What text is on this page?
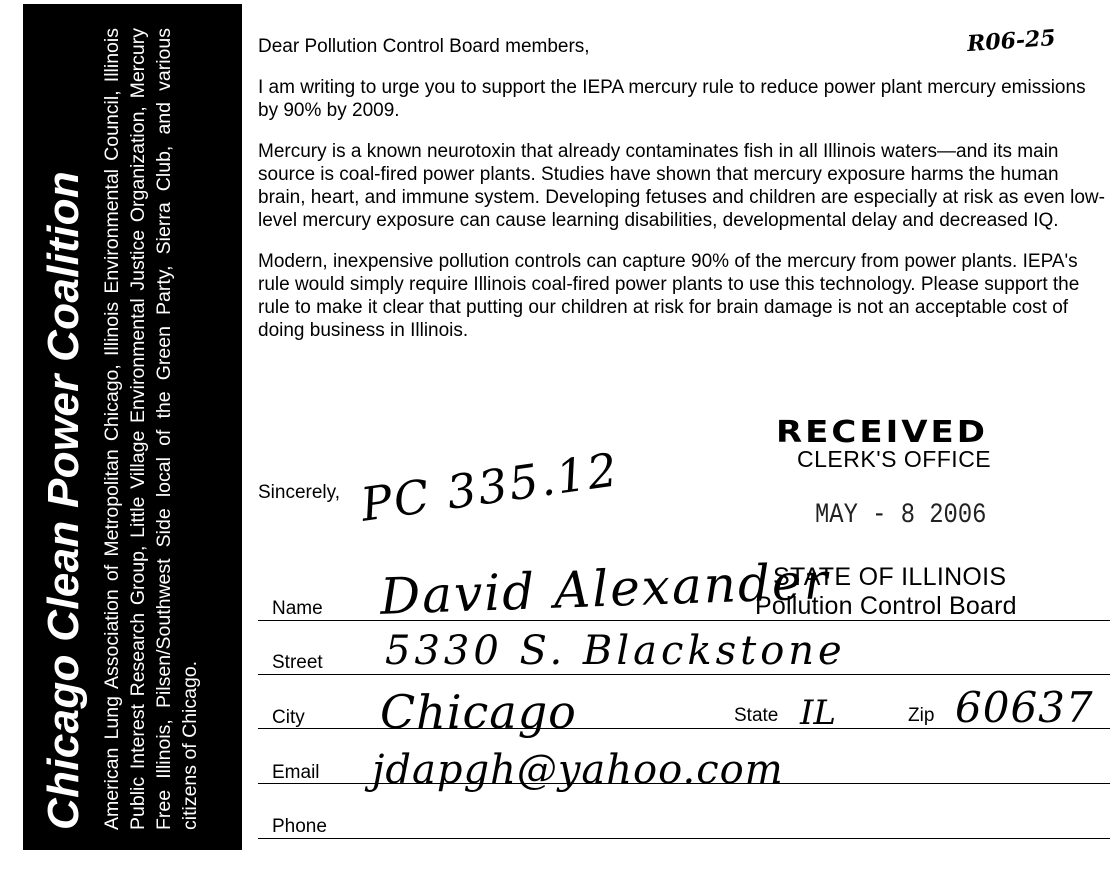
Chicago Clean Power Coalition American Lung Association of Metropolitan Chicago, Illinois Environmental Council, Illinois Public Interest Research Group, Little Village Environmental Justice Organization, Mercury Free Illinois, Pilsen/Southwest Side local of the Green Party, Sierra Club, and various citizens of Chicago.
R06-25

Dear Pollution Control Board members,

I am writing to urge you to support the IEPA mercury rule to reduce power plant mercury emissions by 90% by 2009.

Mercury is a known neurotoxin that already contaminates fish in all Illinois waters—and its main source is coal-fired power plants. Studies have shown that mercury exposure harms the human brain, heart, and immune system. Developing fetuses and children are especially at risk as even low-level mercury exposure can cause learning disabilities, developmental delay and decreased IQ.

Modern, inexpensive pollution controls can capture 90% of the mercury from power plants. IEPA's rule would simply require Illinois coal-fired power plants to use this technology. Please support the rule to make it clear that putting our children at risk for brain damage is not an acceptable cost of doing business in Illinois.

Sincerely, PC 335.12
RECEIVED
CLERK'S OFFICE
MAY - 8 2006
STATE OF ILLINOIS
Pollution Control Board
Name David Alexander
Street 5330 S. Blackstone
City Chicago	State IL	Zip 60637
Email jdapgh@yahoo.com
Phone
